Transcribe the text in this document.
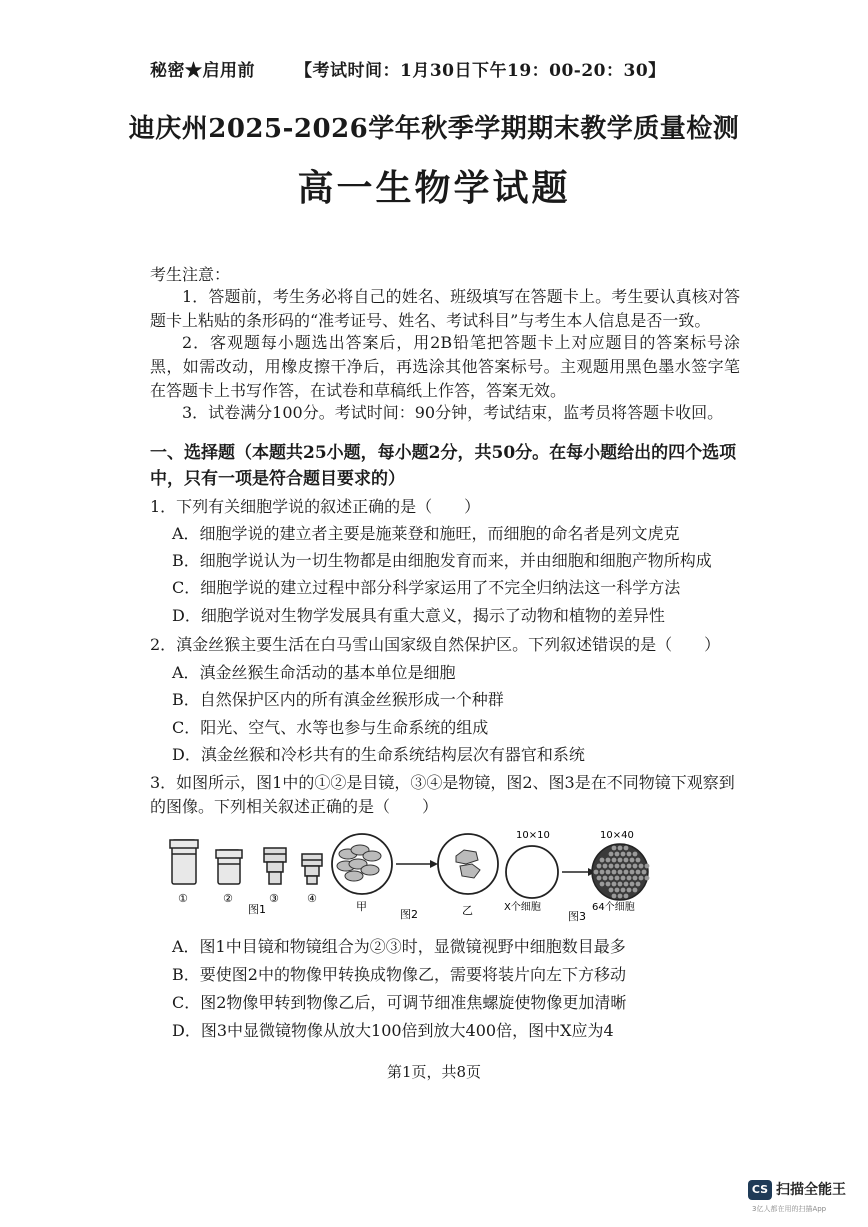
秘密★启用前 【考试时间：1月30日下午19：00-20：30】
迪庆州2025-2026学年秋季学期期末教学质量检测
高一生物学试题
考生注意：
1．答题前，考生务必将自己的姓名、班级填写在答题卡上。考生要认真核对答题卡上粘贴的条形码的“准考证号、姓名、考试科目”与考生本人信息是否一致。
2．客观题每小题选出答案后，用2B铅笔把答题卡上对应题目的答案标号涂黑，如需改动，用橡皮擦干净后，再选涂其他答案标号。主观题用黑色墨水签字笔在答题卡上书写作答，在试卷和草稿纸上作答，答案无效。
3．试卷满分100分。考试时间：90分钟，考试结束，监考员将答题卡收回。
一、选择题（本题共25小题，每小题2分，共50分。在每小题给出的四个选项中，只有一项是符合题目要求的）
1．下列有关细胞学说的叙述正确的是（　　）
A．细胞学说的建立者主要是施莱登和施旺，而细胞的命名者是列文虎克
B．细胞学说认为一切生物都是由细胞发育而来，并由细胞和细胞产物所构成
C．细胞学说的建立过程中部分科学家运用了不完全归纳法这一科学方法
D．细胞学说对生物学发展具有重大意义，揭示了动物和植物的差异性
2．滇金丝猴主要生活在白马雪山国家级自然保护区。下列叙述错误的是（　　）
A．滇金丝猴生命活动的基本单位是细胞
B．自然保护区内的所有滇金丝猴形成一个种群
C．阳光、空气、水等也参与生命系统的组成
D．滇金丝猴和冷杉共有的生命系统结构层次有器官和系统
3．如图所示，图1中的①②是目镜，③④是物镜，图2、图3是在不同物镜下观察到的图像。下列相关叙述正确的是（　　）
①	②	③	④
图1	甲
图2	乙
10×10	10×40
X个细胞	64个细胞
图3
A．图1中目镜和物镜组合为②③时，显微镜视野中细胞数目最多
B．要使图2中的物像甲转换成物像乙，需要将装片向左下方移动
C．图2物像甲转到物像乙后，可调节细准焦螺旋使物像更加清晰
D．图3中显微镜物像从放大100倍到放大400倍，图中X应为4
第1页，共8页
CS 扫描全能王
3亿人都在用的扫描App
